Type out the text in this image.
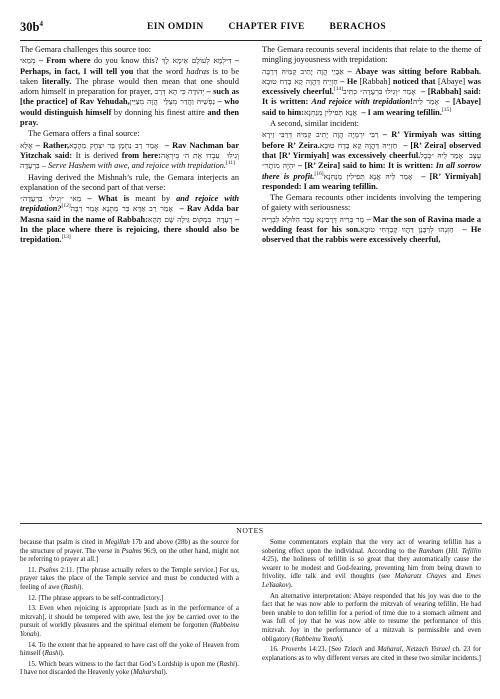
$30b^4$	EIN OMDIN	CHAPTER FIVE	BERACHOS

The Gemara challenges this source too:

מְמַאי – From where do you know this? דִּילְמָא לְעוֹלָם אֵימָא לָךְ – Perhaps, in fact, I will tell you that the word hadras is to be taken literally. The phrase would then mean that one should adorn himself in preparation for prayer, כִּי הָא דְּרַב יְהוּדָה – such as [the practice] of Rav Yehudah, הֲוָה מְצַיֵּין נַפְשֵׁיהּ וַהֲדַר מְצַלֵּי – who would distinguish himself by donning his finest attire and then pray.

The Gemara offers a final source:

אֶלָּא – Rather, אָמַר רַב נַחְמָן בַּר יִצְחָק מֵהָכָא – Rav Nachman bar Yitzchak said: It is derived from here: עִבְדוּ אֶת ה׳ בְּיִרְאָה וְגִילוּ בִּרְעָדָה – Serve Hashem with awe, and rejoice with trepidation.[11]

Having derived the Mishnah’s rule, the Gemara interjects an explanation of the second part of that verse:

מַאי ״וְגִילוּ בִּרְעָדָה״ – What is meant by and rejoice with trepidation?[12] אָמַר רַב אַדָּא בַּר מַתְנָא אָמַר רַבָּה – Rav Adda bar Masna said in the name of Rabbah: בִּמְקוֹם גִּילָה שָׁם תְּהֵא רְעָדָה – In the place where there is rejoicing, there should also be trepidation.[13]

The Gemara recounts several incidents that relate to the theme of mingling joyousness with trepidation:

אַבָּיֵי הֲוָה יָתִיב קַמֵּיהּ דְּרַבָּה – Abaye was sitting before Rabbah. חַזְיֵיהּ דַּהֲוָה קָא בָּדַח טוּבָא – He [Rabbah] noticed that [Abaye] was excessively cheerful.[14] אָמַר ״וְגִילוּ בִּרְעָדָה״ כְּתִיב – [Rabbah] said: It is written: And rejoice with trepidation! אָמַר לֵיהּ – [Abaye] said to him: אֲנָא תְּפִילִין מַנַּחְנָא – I am wearing tefillin.[15]

A second, similar incident:

רַבִּי יִרְמְיָה הֲוָה יָתִיב קַמֵּיהּ דְּרַבִּי זֵירָא – R’ Yirmiyah was sitting before R’ Zeira. חַזְיֵיהּ דַּהֲוָה קָא בָּדַח טוּבָא – [R’ Zeira] observed that [R’ Yirmiyah] was excessively cheerful. אָמַר לֵיהּ ״בְּכָל עֶצֶב יִהְיֶה מוֹתָר״ – [R’ Zeira] said to him: It is written: In all sorrow there is profit.[16] אָמַר לֵיהּ אֲנָא תְּפִילִין מַנַּחְנָא – [R’ Yirmiyah] responded: I am wearing tefillin.

The Gemara recounts other incidents involving the tempering of gaiety with seriousness:

מָר בְּרֵיהּ דְּרָבִינָא עֲבַד הִלּוּלָא לִבְרֵיהּ – Mar the son of Ravina made a wedding feast for his son. חַזְנְהוּ לְרַבָּנָן דַּהֲווּ קָבָדְחִי טוּבָא – He observed that the rabbis were excessively cheerful,

NOTES

because that psalm is cited in Megillah 17b and above (28b) as the source for the structure of prayer. The verse in Psalms 96:9, on the other hand, might not be referring to prayer at all.]

11. Psalms 2:11. [The phrase actually refers to the Temple service.] For us, prayer takes the place of the Temple service and must be conducted with a feeling of awe (Rashi).

12. [The phrase appears to be self-contradictory.]

13. Even when rejoicing is appropriate [such as in the performance of a mitzvah], it should be tempered with awe, lest the joy be carried over to the pursuit of worldly pleasures and the spiritual element be forgotten (Rabbeinu Yonah).

14. To the extent that he appeared to have cast off the yoke of Heaven from himself (Rashi).

15. Which bears witness to the fact that God’s Lordship is upon me (Rashi). I have not discarded the Heavenly yoke (Maharshal).

Some commentators explain that the very act of wearing tefillin has a sobering effect upon the individual. According to the Rambam (Hil. Tefillin 4:25), the holiness of tefillin is so great that they automatically cause the wearer to be modest and God-fearing, preventing him from being drawn to frivolity, idle talk and evil thoughts (see Maharatz Chayes and Emes LeYaakov).

An alternative interpretation: Abaye responded that his joy was due to the fact that he was now able to perform the mitzvah of wearing tefillin. He had been unable to don tefillin for a period of time due to a stomach ailment and was full of joy that he was now able to resume the performance of this mitzvah. Joy in the performance of a mitzvah is permissible and even obligatory (Rabbeinu Yonah).

16. Proverbs 14:23. [See Tzlach and Maharal, Netzach Yisrael ch. 23 for explanations as to why different verses are cited in these two similar incidents.]
